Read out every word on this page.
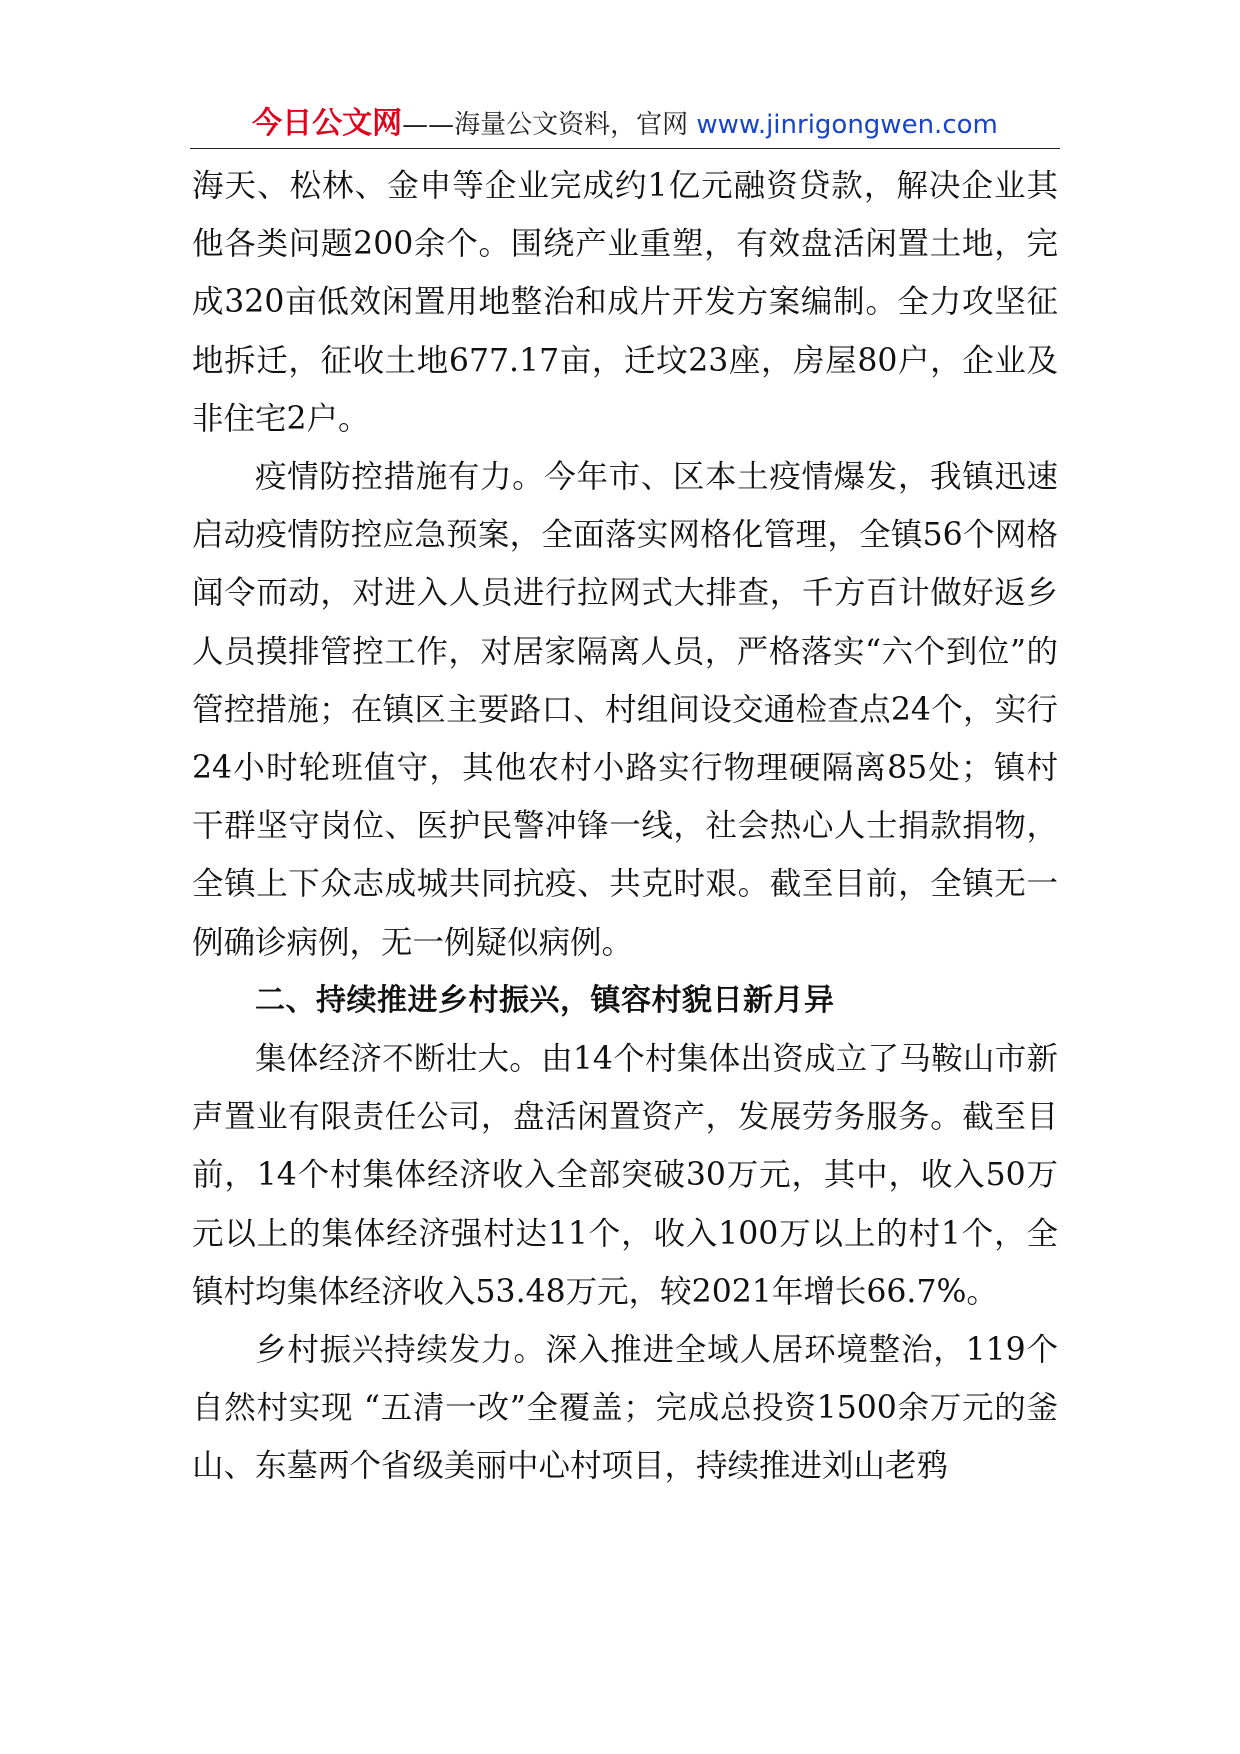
今日公文网——海量公文资料，官网 www.jinrigongwen.com

海天、松林、金申等企业完成约1亿元融资贷款，解决企业其他各类问题200余个。围绕产业重塑，有效盘活闲置土地，完成320亩低效闲置用地整治和成片开发方案编制。全力攻坚征地拆迁，征收土地677.17亩，迁坟23座，房屋80户，企业及非住宅2户。

疫情防控措施有力。今年市、区本土疫情爆发，我镇迅速启动疫情防控应急预案，全面落实网格化管理，全镇56个网格闻令而动，对进入人员进行拉网式大排查，千方百计做好返乡人员摸排管控工作，对居家隔离人员，严格落实“六个到位”的管控措施；在镇区主要路口、村组间设交通检查点24个，实行24小时轮班值守，其他农村小路实行物理硬隔离85处；镇村干群坚守岗位、医护民警冲锋一线，社会热心人士捐款捐物，全镇上下众志成城共同抗疫、共克时艰。截至目前，全镇无一例确诊病例，无一例疑似病例。

二、持续推进乡村振兴，镇容村貌日新月异

集体经济不断壮大。由14个村集体出资成立了马鞍山市新声置业有限责任公司，盘活闲置资产，发展劳务服务。截至目前，14个村集体经济收入全部突破30万元，其中，收入50万元以上的集体经济强村达11个，收入100万以上的村1个，全镇村均集体经济收入53.48万元，较2021年增长66.7%。

乡村振兴持续发力。深入推进全域人居环境整治，119个自然村实现 “五清一改”全覆盖；完成总投资1500余万元的釜山、东墓两个省级美丽中心村项目，持续推进刘山老鸦
